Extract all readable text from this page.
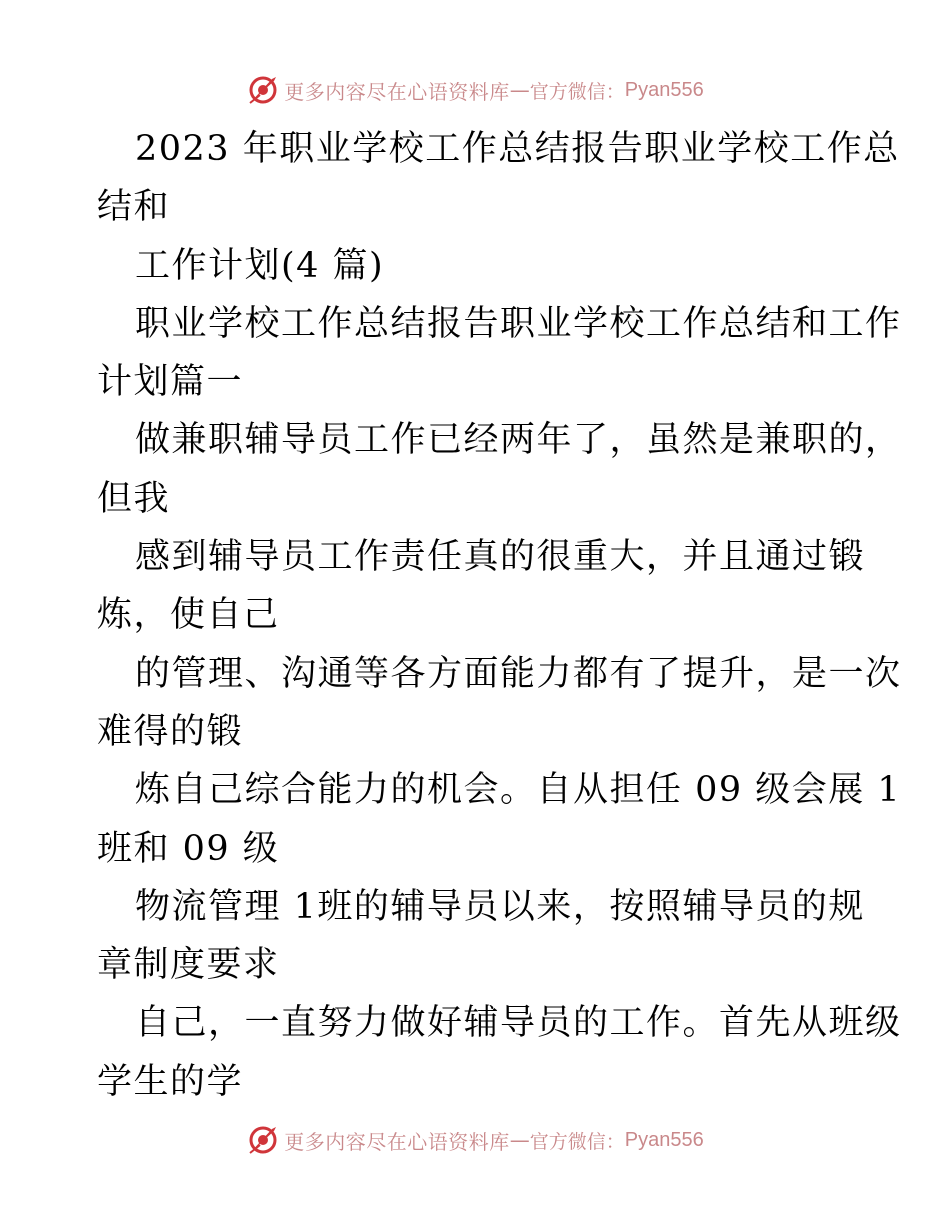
更多内容尽在心语资料库 — 官方微信： Pyan556
2023 年职业学校工作总结报告职业学校工作总
结和
工作计划(4 篇)
职业学校工作总结报告职业学校工作总结和工作
计划篇一
做兼职辅导员工作已经两年了，虽然是兼职的，
但我
感到辅导员工作责任真的很重大，并且通过锻
炼，使自己
的管理、沟通等各方面能力都有了提升，是一次
难得的锻
炼自己综合能力的机会。自从担任 09 级会展 1
班和 09 级
物流管理 1班的辅导员以来，按照辅导员的规
章制度要求
自己，一直努力做好辅导员的工作。首先从班级
学生的学
更多内容尽在心语资料库 — 官方微信： Pyan556
